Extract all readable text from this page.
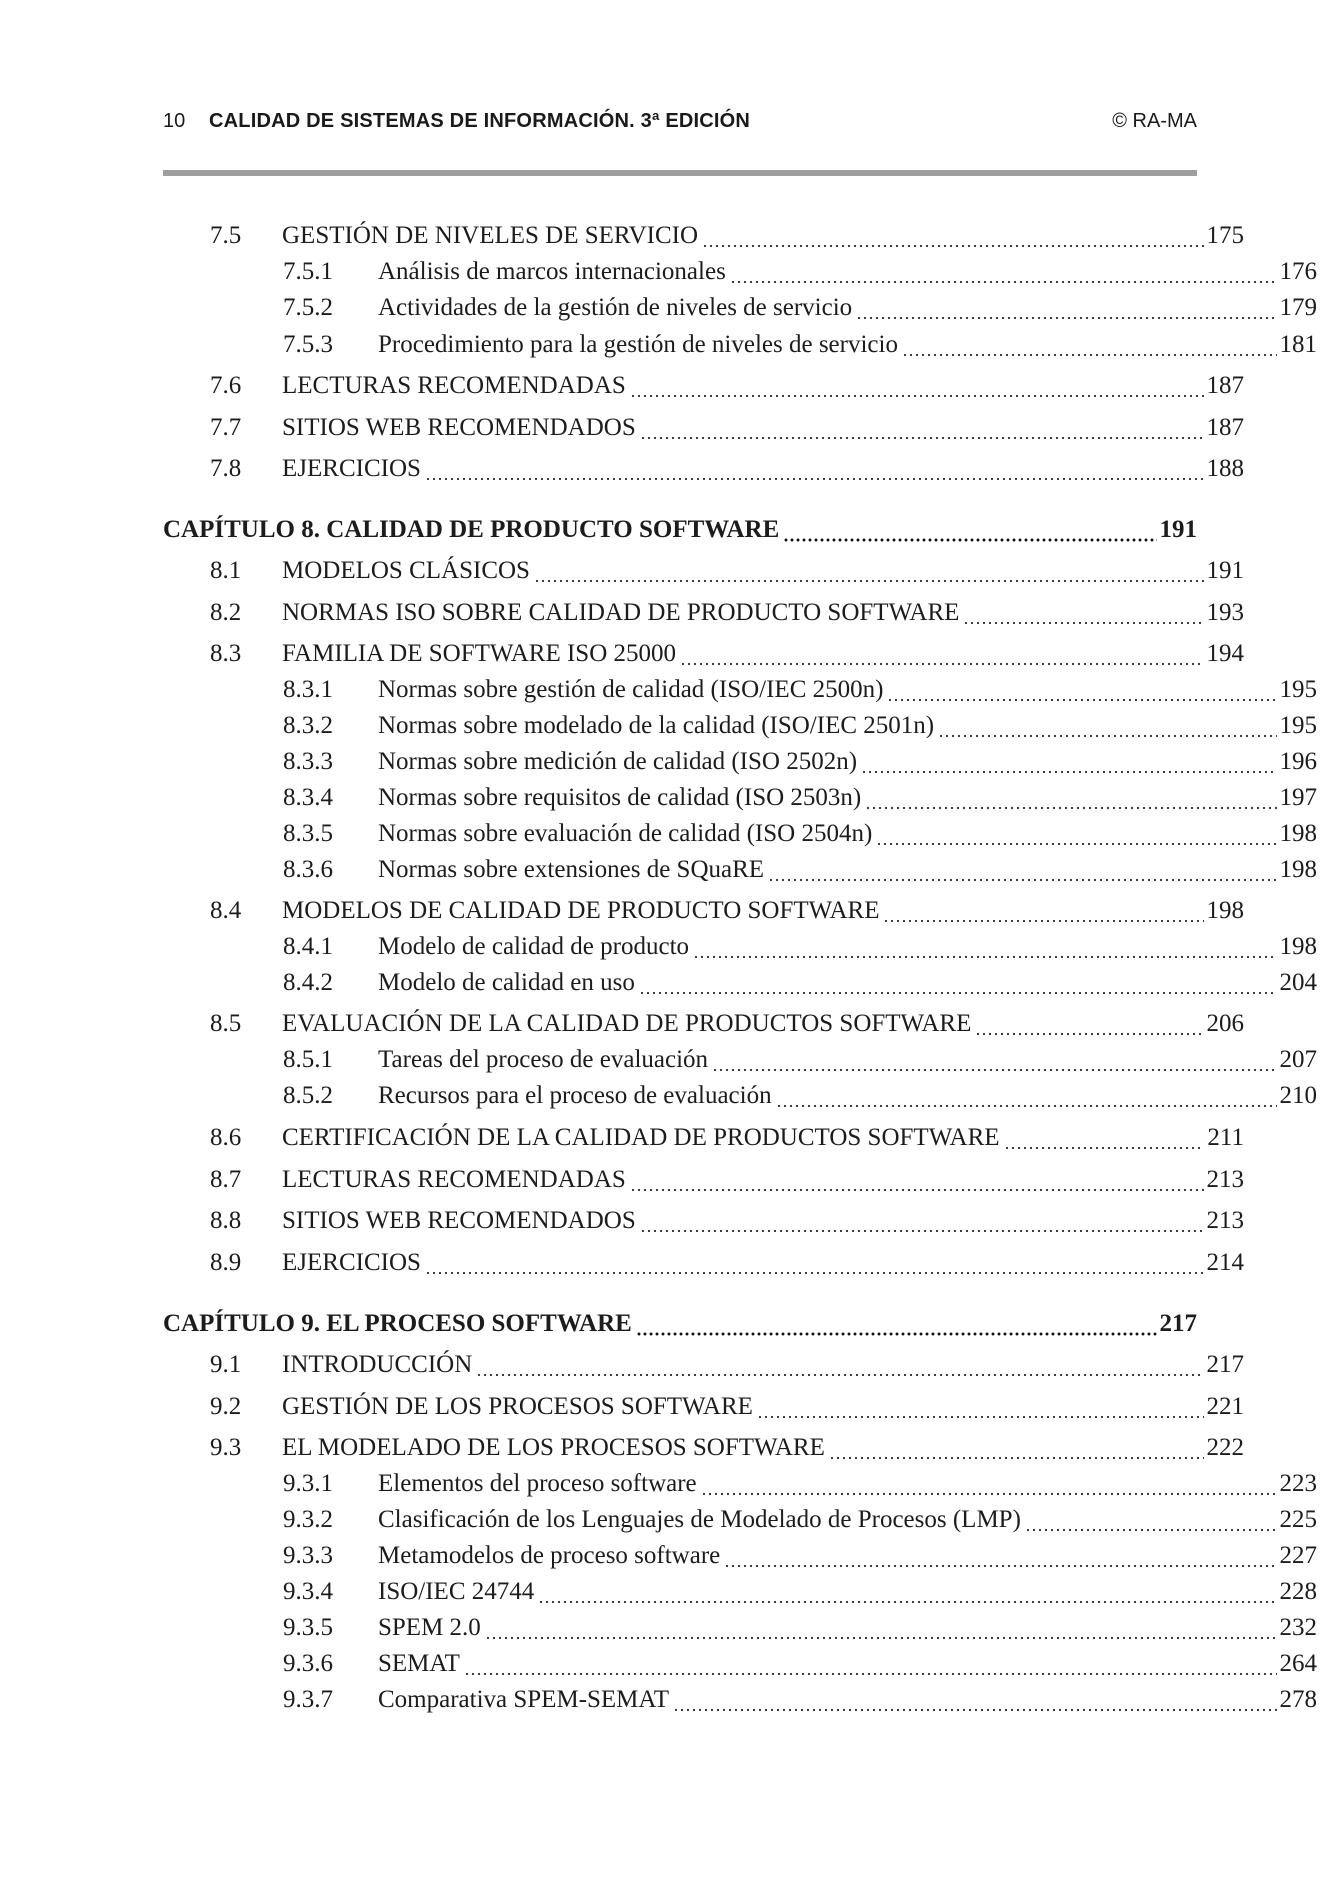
10 CALIDAD DE SISTEMAS DE INFORMACIÓN. 3ª EDICIÓN	© RA-MA
7.5	GESTIÓN DE NIVELES DE SERVICIO	175
7.5.1	Análisis de marcos internacionales	176
7.5.2	Actividades de la gestión de niveles de servicio	179
7.5.3	Procedimiento para la gestión de niveles de servicio	181
7.6	LECTURAS RECOMENDADAS	187
7.7	SITIOS WEB RECOMENDADOS	187
7.8	EJERCICIOS	188
CAPÍTULO 8. CALIDAD DE PRODUCTO SOFTWARE	191
8.1	MODELOS CLÁSICOS	191
8.2	NORMAS ISO SOBRE CALIDAD DE PRODUCTO SOFTWARE	193
8.3	FAMILIA DE SOFTWARE ISO 25000	194
8.3.1	Normas sobre gestión de calidad (ISO/IEC 2500n)	195
8.3.2	Normas sobre modelado de la calidad (ISO/IEC 2501n)	195
8.3.3	Normas sobre medición de calidad (ISO 2502n)	196
8.3.4	Normas sobre requisitos de calidad (ISO 2503n)	197
8.3.5	Normas sobre evaluación de calidad (ISO 2504n)	198
8.3.6	Normas sobre extensiones de SQuaRE	198
8.4	MODELOS DE CALIDAD DE PRODUCTO SOFTWARE	198
8.4.1	Modelo de calidad de producto	198
8.4.2	Modelo de calidad en uso	204
8.5	EVALUACIÓN DE LA CALIDAD DE PRODUCTOS SOFTWARE	206
8.5.1	Tareas del proceso de evaluación	207
8.5.2	Recursos para el proceso de evaluación	210
8.6	CERTIFICACIÓN DE LA CALIDAD DE PRODUCTOS SOFTWARE	211
8.7	LECTURAS RECOMENDADAS	213
8.8	SITIOS WEB RECOMENDADOS	213
8.9	EJERCICIOS	214
CAPÍTULO 9. EL PROCESO SOFTWARE	217
9.1	INTRODUCCIÓN	217
9.2	GESTIÓN DE LOS PROCESOS SOFTWARE	221
9.3	EL MODELADO DE LOS PROCESOS SOFTWARE	222
9.3.1	Elementos del proceso software	223
9.3.2	Clasificación de los Lenguajes de Modelado de Procesos (LMP)	225
9.3.3	Metamodelos de proceso software	227
9.3.4	ISO/IEC 24744	228
9.3.5	SPEM 2.0	232
9.3.6	SEMAT	264
9.3.7	Comparativa SPEM-SEMAT	278
